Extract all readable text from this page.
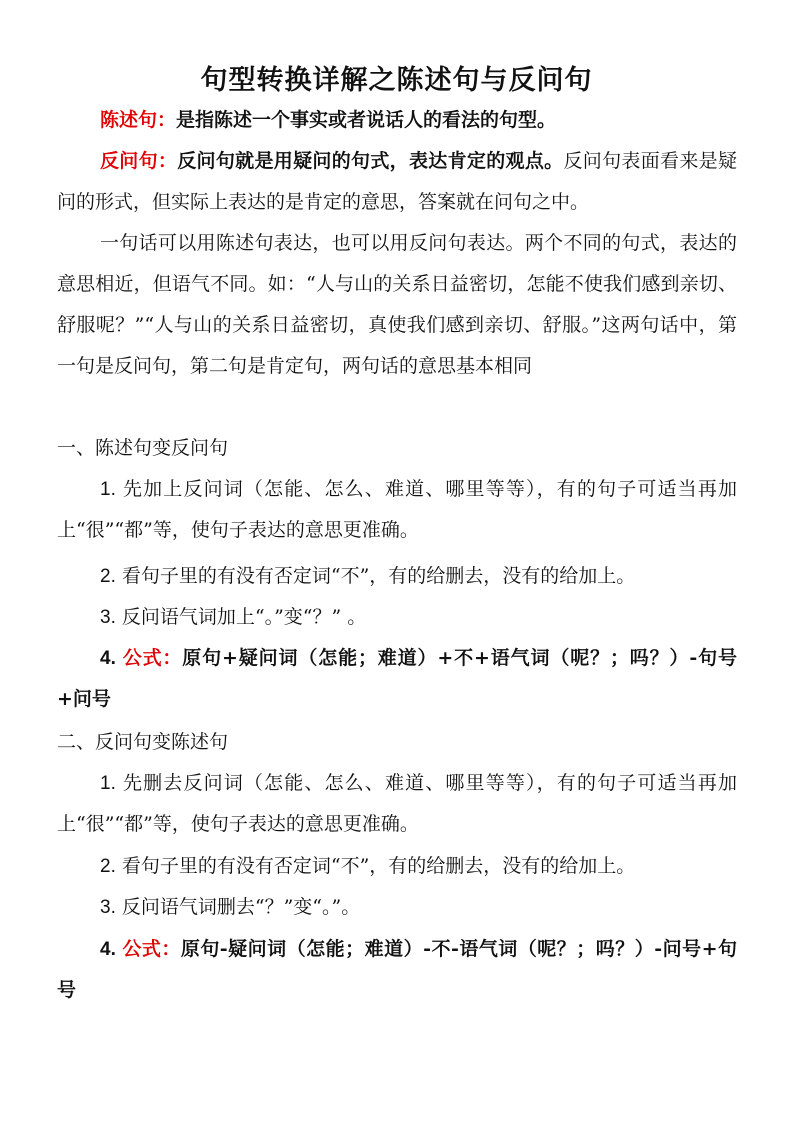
句型转换详解之陈述句与反问句

陈述句：是指陈述一个事实或者说话人的看法的句型。

反问句：反问句就是用疑问的句式，表达肯定的观点。反问句表面看来是疑问的形式，但实际上表达的是肯定的意思，答案就在问句之中。

一句话可以用陈述句表达，也可以用反问句表达。两个不同的句式，表达的意思相近，但语气不同。如：“人与山的关系日益密切，怎能不使我们感到亲切、舒服呢？”“人与山的关系日益密切，真使我们感到亲切、舒服。”这两句话中，第一句是反问句，第二句是肯定句，两句话的意思基本相同

一、陈述句变反问句

1. 先加上反问词（怎能、怎么、难道、哪里等等），有的句子可适当再加上“很”“都”等，使句子表达的意思更准确。

2. 看句子里的有没有否定词“不”，有的给删去，没有的给加上。

3. 反问语气词加上“。”变“？” 。

4. 公式：原句+疑问词（怎能；难道）+不+语气词（呢？；吗？）-句号+问号

二、反问句变陈述句

1. 先删去反问词（怎能、怎么、难道、哪里等等），有的句子可适当再加上“很”“都”等，使句子表达的意思更准确。

2. 看句子里的有没有否定词“不”，有的给删去，没有的给加上。

3. 反问语气词删去“？”变“。”。

4. 公式：原句-疑问词（怎能；难道）-不-语气词（呢？；吗？）-问号+句号
